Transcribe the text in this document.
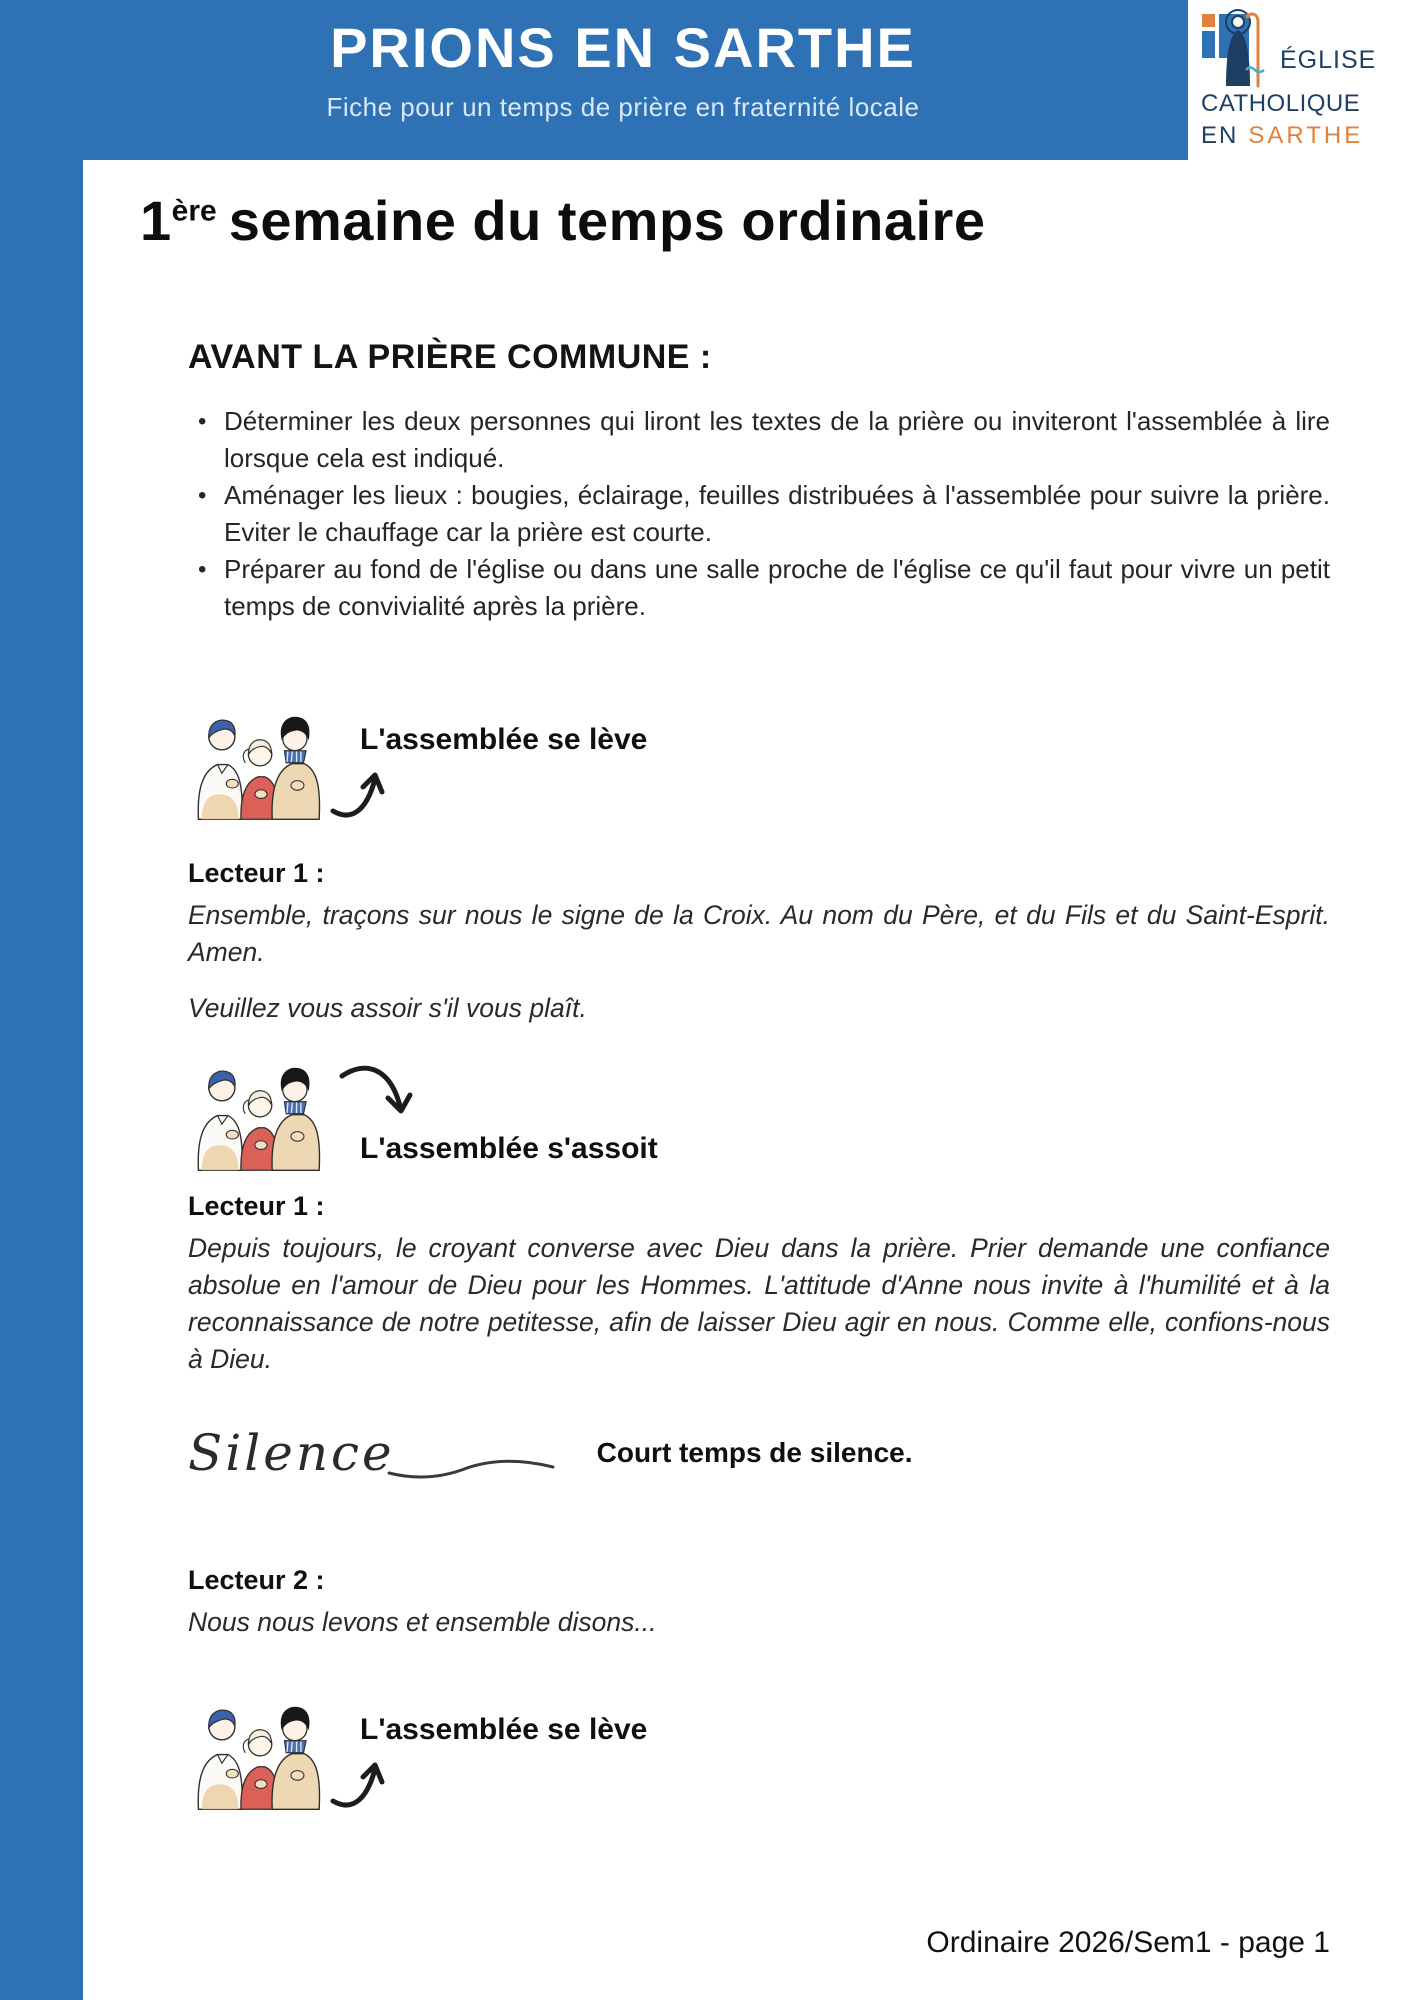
PRIONS EN SARTHE
Fiche pour un temps de prière en fraternité locale
ÉGLISE
CATHOLIQUE
EN SARTHE
1ère semaine du temps ordinaire
AVANT LA PRIÈRE COMMUNE :
• Déterminer les deux personnes qui liront les textes de la prière ou inviteront l'assemblée à lire lorsque cela est indiqué.
• Aménager les lieux : bougies, éclairage, feuilles distribuées à l'assemblée pour suivre la prière. Eviter le chauffage car la prière est courte.
• Préparer au fond de l'église ou dans une salle proche de l'église ce qu'il faut pour vivre un petit temps de convivialité après la prière.
L'assemblée se lève
Lecteur 1 :

Ensemble, traçons sur nous le signe de la Croix. Au nom du Père, et du Fils et du Saint-Esprit. Amen.

Veuillez vous assoir s'il vous plaît.

L'assemblée s'assoit
Lecteur 1 :

Depuis toujours, le croyant converse avec Dieu dans la prière. Prier demande une confiance absolue en l'amour de Dieu pour les Hommes. L'attitude d'Anne nous invite à l'humilité et à la reconnaissance de notre petitesse, afin de laisser Dieu agir en nous. Comme elle, confions-nous à Dieu.

Silence	Court temps de silence.
Lecteur 2 :

Nous nous levons et ensemble disons...

L'assemblée se lève
Ordinaire 2026/Sem1 - page 1
